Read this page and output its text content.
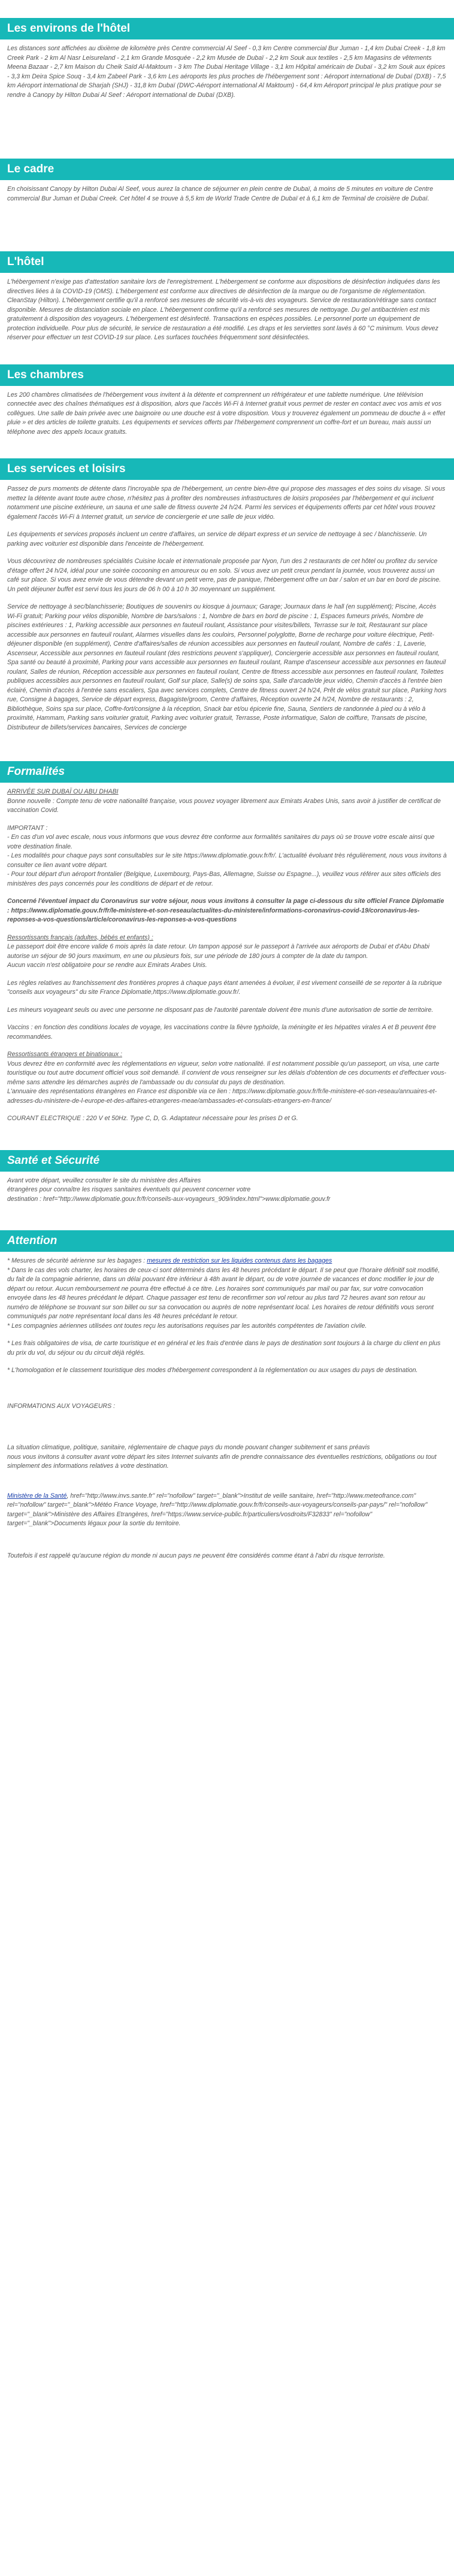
Les environs de l'hôtel

Les distances sont affichées au dixième de kilomètre près Centre commercial Al Seef - 0,3 km Centre commercial Bur Juman - 1,4 km Dubai Creek - 1,8 km Creek Park - 2 km Al Nasr Leisureland - 2,1 km Grande Mosquée - 2,2 km Musée de Dubaï - 2,2 km Souk aux textiles - 2,5 km Magasins de vêtements Meena Bazaar - 2,7 km Maison du Cheik Saïd Al-Maktoum - 3 km The Dubai Heritage Village - 3,1 km Hôpital américain de Dubaï - 3,2 km Souk aux épices - 3,3 km Deira Spice Souq - 3,4 km Zabeel Park - 3,6 km Les aéroports les plus proches de l'hébergement sont : Aéroport international de Dubaï (DXB) - 7,5 km Aéroport international de Sharjah (SHJ) - 31,8 km Dubaï (DWC-Aéroport international Al Maktoum) - 64,4 km Aéroport principal le plus pratique pour se rendre à Canopy by Hilton Dubai Al Seef : Aéroport international de Dubaï (DXB).

Le cadre

En choisissant Canopy by Hilton Dubai Al Seef, vous aurez la chance de séjourner en plein centre de Dubaï, à moins de 5 minutes en voiture de Centre commercial Bur Juman et Dubai Creek. Cet hôtel 4 se trouve à 5,5 km de World Trade Centre de Dubaï et à 6,1 km de Terminal de croisière de Dubaï.

L'hôtel

L'hébergement n'exige pas d'attestation sanitaire lors de l'enregistrement. L'hébergement se conforme aux dispositions de désinfection indiquées dans les directives liées à la COVID-19 (OMS). L'hébergement est conforme aux directives de désinfection de la marque ou de l'organisme de réglementation. CleanStay (Hilton). L'hébergement certifie qu'il a renforcé ses mesures de sécurité vis-à-vis des voyageurs. Service de restauration/rétirage sans contact disponible. Mesures de distanciation sociale en place. L'hébergement confirme qu'il a renforcé ses mesures de nettoyage. Du gel antibactérien est mis gratuitement à disposition des voyageurs. L'hébergement est désinfecté. Transactions en espèces possibles. Le personnel porte un équipement de protection individuelle. Pour plus de sécurité, le service de restauration a été modifié. Les draps et les serviettes sont lavés à 60 °C minimum. Vous devez réserver pour effectuer un test COVID-19 sur place. Les surfaces touchées fréquemment sont désinfectées.

Les chambres

Les 200 chambres climatisées de l'hébergement vous invitent à la détente et comprennent un réfrigérateur et une tablette numérique. Une télévision connectée avec des chaînes thématiques est à disposition, alors que l'accès Wi-Fi à Internet gratuit vous permet de rester en contact avec vos amis et vos collègues. Une salle de bain privée avec une baignoire ou une douche est à votre disposition. Vous y trouverez également un pommeau de douche à « effet pluie » et des articles de toilette gratuits. Les équipements et services offerts par l'hébergement comprennent un coffre-fort et un bureau, mais aussi un téléphone avec des appels locaux gratuits.

Les services et loisirs

Passez de purs moments de détente dans l'incroyable spa de l'hébergement, un centre bien-être qui propose des massages et des soins du visage. Si vous mettez la détente avant toute autre chose, n'hésitez pas à profiter des nombreuses infrastructures de loisirs proposées par l'hébergement et qui incluent notamment une piscine extérieure, un sauna et une salle de fitness ouverte 24 h/24. Parmi les services et équipements offerts par cet hôtel vous trouvez également l'accès Wi-Fi à Internet gratuit, un service de conciergerie et une salle de jeux vidéo.

Les équipements et services proposés incluent un centre d'affaires, un service de départ express et un service de nettoyage à sec / blanchisserie. Un parking avec voiturier est disponible dans l'enceinte de l'hébergement.

Vous découvrirez de nombreuses spécialités Cuisine locale et internationale proposée par Nyon, l'un des 2 restaurants de cet hôtel ou profitez du service d'étage offert 24 h/24, idéal pour une soirée cocooning en amoureux ou en solo. Si vous avez un petit creux pendant la journée, vous trouverez aussi un café sur place. Si vous avez envie de vous détendre devant un petit verre, pas de panique, l'hébergement offre un bar / salon et un bar en bord de piscine. Un petit déjeuner buffet est servi tous les jours de 06 h 00 à 10 h 30 moyennant un supplément.

Service de nettoyage à sec/blanchisserie; Boutiques de souvenirs ou kiosque à journaux; Garage; Journaux dans le hall (en supplément); Piscine, Accès Wi-Fi gratuit; Parking pour vélos disponible, Nombre de bars/salons : 1, Nombre de bars en bord de piscine : 1, Espaces fumeurs privés, Nombre de piscines extérieures : 1, Parking accessible aux personnes en fauteuil roulant, Assistance pour visites/billets, Terrasse sur le toit, Restaurant sur place accessible aux personnes en fauteuil roulant, Alarmes visuelles dans les couloirs, Personnel polyglotte, Borne de recharge pour voiture électrique, Petit-déjeuner disponible (en supplément), Centre d'affaires/salles de réunion accessibles aux personnes en fauteuil roulant, Nombre de cafés : 1, Laverie, Ascenseur, Accessible aux personnes en fauteuil roulant (des restrictions peuvent s'appliquer), Conciergerie accessible aux personnes en fauteuil roulant, Spa santé ou beauté à proximité, Parking pour vans accessible aux personnes en fauteuil roulant, Rampe d'ascenseur accessible aux personnes en fauteuil roulant, Salles de réunion, Réception accessible aux personnes en fauteuil roulant, Centre de fitness accessible aux personnes en fauteuil roulant, Toilettes publiques accessibles aux personnes en fauteuil roulant, Golf sur place, Salle(s) de soins spa, Salle d'arcade/de jeux vidéo, Chemin d'accès à l'entrée bien éclairé, Chemin d'accès à l'entrée sans escaliers, Spa avec services complets, Centre de fitness ouvert 24 h/24, Prêt de vélos gratuit sur place, Parking hors rue, Consigne à bagages, Service de départ express, Bagagiste/groom, Centre d'affaires, Réception ouverte 24 h/24, Nombre de restaurants : 2, Bibliothèque, Soins spa sur place, Coffre-fort/consigne à la réception, Snack bar et/ou épicerie fine, Sauna, Sentiers de randonnée à pied ou à vélo à proximité, Hammam, Parking sans voiturier gratuit, Parking avec voiturier gratuit, Terrasse, Poste informatique, Salon de coiffure, Transats de piscine, Distributeur de billets/services bancaires, Services de concierge

Formalités

ARRIVÉE SUR DUBAÏ OU ABU DHABI

Bonne nouvelle : Compte tenu de votre nationalité française, vous pouvez voyager librement aux Emirats Arabes Unis, sans avoir à justifier de certificat de vaccination Covid.

IMPORTANT :

- En cas d'un vol avec escale, nous vous informons que vous devrez être conforme aux formalités sanitaires du pays où se trouve votre escale ainsi que votre destination finale.
- Les modalités pour chaque pays sont consultables sur le site https://www.diplomatie.gouv.fr/fr/. L'actualité évoluant très régulièrement, nous vous invitons à consulter ce lien avant votre départ.
- Pour tout départ d'un aéroport frontalier (Belgique, Luxembourg, Pays-Bas, Allemagne, Suisse ou Espagne...), veuillez vous référer aux sites officiels des ministères des pays concernés pour les conditions de départ et de retour.

Concerné l'éventuel impact du Coronavirus sur votre séjour, nous vous invitons à consulter la page ci-dessous du site officiel France Diplomatie : https://www.diplomatie.gouv.fr/fr/le-ministere-et-son-reseau/actualites-du-ministere/informations-coronavirus-covid-19/coronavirus-les-reponses-a-vos-questions/article/coronavirus-les-reponses-a-vos-questions

Ressortissants français (adultes, bébés et enfants) :

Le passeport doit être encore valide 6 mois après la date retour. Un tampon apposé sur le passeport à l'arrivée aux aéroports de Dubaï et d'Abu Dhabi autorise un séjour de 90 jours maximum, en une ou plusieurs fois, sur une période de 180 jours à compter de la date du tampon.
Aucun vaccin n'est obligatoire pour se rendre aux Emirats Arabes Unis.

Les règles relatives au franchissement des frontières propres à chaque pays étant amenées à évoluer, il est vivement conseillé de se reporter à la rubrique "conseils aux voyageurs" du site France Diplomatie,https://www.diplomatie.gouv.fr/.

Les mineurs voyageant seuls ou avec une personne ne disposant pas de l'autorité parentale doivent être munis d'une autorisation de sortie de territoire.

Vaccins : en fonction des conditions locales de voyage, les vaccinations contre la fièvre typhoïde, la méningite et les hépatites virales A et B peuvent être recommandées.

Ressortissants étrangers et binationaux :

Vous devrez être en conformité avec les réglementations en vigueur, selon votre nationalité. Il est notamment possible qu'un passeport, un visa, une carte touristique ou tout autre document officiel vous soit demandé. Il convient de vous renseigner sur les délais d'obtention de ces documents et d'effectuer vous-même sans attendre les démarches auprès de l'ambassade ou du consulat du pays de destination.
L'annuaire des représentations étrangères en France est disponible via ce lien : https://www.diplomatie.gouv.fr/fr/le-ministere-et-son-reseau/annuaires-et-adresses-du-ministere-de-l-europe-et-des-affaires-etrangeres-meae/ambassades-et-consulats-etrangers-en-france/

COURANT ELECTRIQUE : 220 V et 50Hz. Type C, D, G. Adaptateur nécessaire pour les prises D et G.

Santé et Sécurité

Avant votre départ, veuillez consulter le site du ministère des Affaires
étrangères pour connaître les risques sanitaires éventuels qui peuvent concerner votre
destination : href="http://www.diplomatie.gouv.fr/fr/conseils-aux-voyageurs_909/index.html">www.diplomatie.gouv.fr

Attention

* Mesures de sécurité aérienne sur les bagages : mesures de restriction sur les liquides contenus dans les bagages

* Dans le cas des vols charter, les horaires de ceux-ci sont déterminés dans les 48 heures précédant le départ. Il se peut que l'horaire définitif soit modifié, du fait de la compagnie aérienne, dans un délai pouvant être inférieur à 48h avant le départ, ou de votre journée de vacances et donc modifier le jour de départ ou retour. Aucun remboursement ne pourra être effectué à ce titre. Les horaires sont communiqués par mail ou par fax, sur votre convocation envoyée dans les 48 heures précédant le départ. Chaque passager est tenu de reconfirmer son vol retour au plus tard 72 heures avant son retour au numéro de téléphone se trouvant sur son billet ou sur sa convocation ou auprès de notre représentant local. Les horaires de retour définitifs vous seront communiqués par notre représentant local dans les 48 heures précédant le retour.
* Les compagnies aériennes utilisées ont toutes reçu les autorisations requises par les autorités compétentes de l'aviation civile.

* Les frais obligatoires de visa, de carte touristique et en général et les frais d'entrée dans le pays de destination sont toujours à la charge du client en plus du prix du vol, du séjour ou du circuit déjà réglés.

* L'homologation et le classement touristique des modes d'hébergement correspondent à la réglementation ou aux usages du pays de destination.

INFORMATIONS AUX VOYAGEURS :

La situation climatique, politique, sanitaire, réglementaire de chaque pays du monde pouvant changer subitement et sans préavis
nous vous invitons à consulter avant votre départ les sites Internet suivants afin de prendre connaissance des éventuelles restrictions, obligations ou tout simplement des informations relatives à votre destination.

Ministère de la Santé, href="http://www.invs.sante.fr" rel="nofollow" target="_blank">Institut de veille sanitaire, href="http://www.meteofrance.com" rel="nofollow" target="_blank">Météo France Voyage, href="http://www.diplomatie.gouv.fr/fr/conseils-aux-voyageurs/conseils-par-pays/" rel="nofollow" target="_blank">Ministère des Affaires Etrangères, href="https://www.service-public.fr/particuliers/vosdroits/F32833" rel="nofollow" target="_blank">Documents légaux pour la sortie du territoire.

Toutefois il est rappelé qu'aucune région du monde ni aucun pays ne peuvent être considérés comme étant à l'abri du risque terroriste.
